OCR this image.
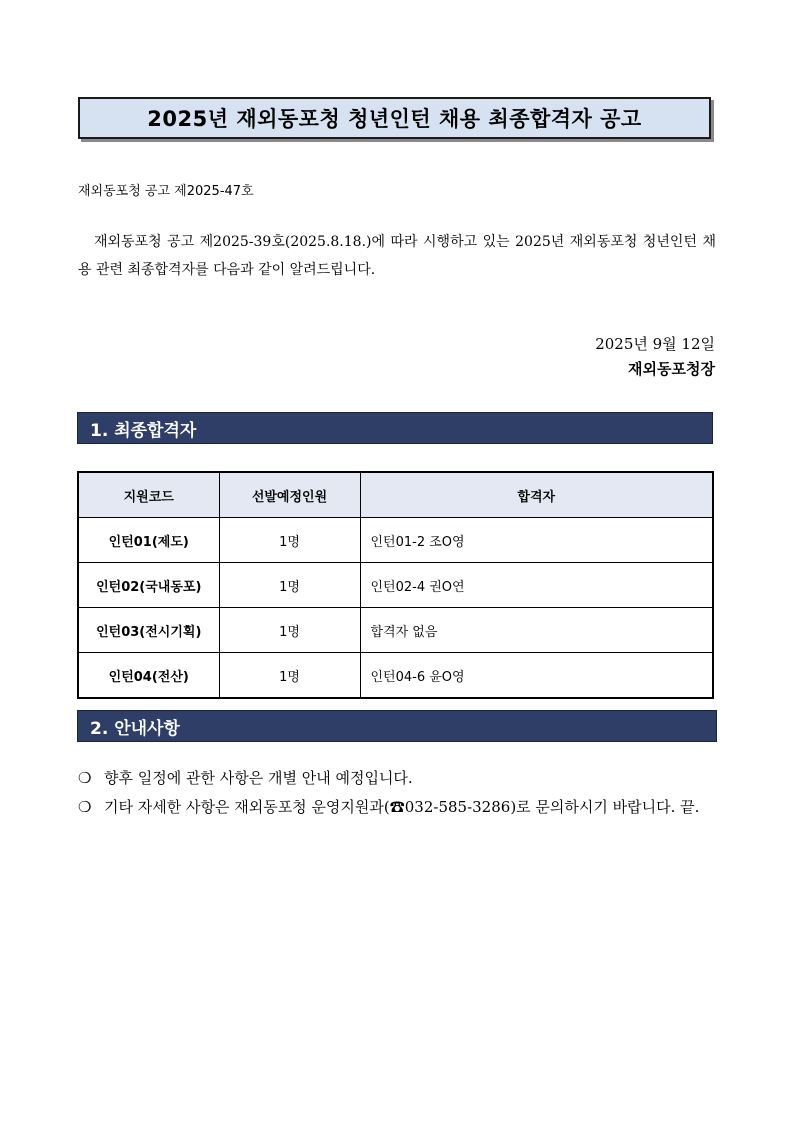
2025년 재외동포청 청년인턴 채용 최종합격자 공고
재외동포청 공고 제2025-47호
재외동포청 공고 제2025-39호(2025.8.18.)에 따라 시행하고 있는 2025년 재외동포청 청년인턴 채용 관련 최종합격자를 다음과 같이 알려드립니다.
2025년 9월 12일
재외동포청장
1. 최종합격자
지원코드	선발예정인원	합격자
인턴01(제도)	1명	인턴01-2 조O영
인턴02(국내동포)	1명	인턴02-4 권O연
인턴03(전시기획)	1명	합격자 없음
인턴04(전산)	1명	인턴04-6 윤O영
2. 안내사항
❍ 향후 일정에 관한 사항은 개별 안내 예정입니다.
❍ 기타 자세한 사항은 재외동포청 운영지원과(☎032-585-3286)로 문의하시기 바랍니다. 끝.
